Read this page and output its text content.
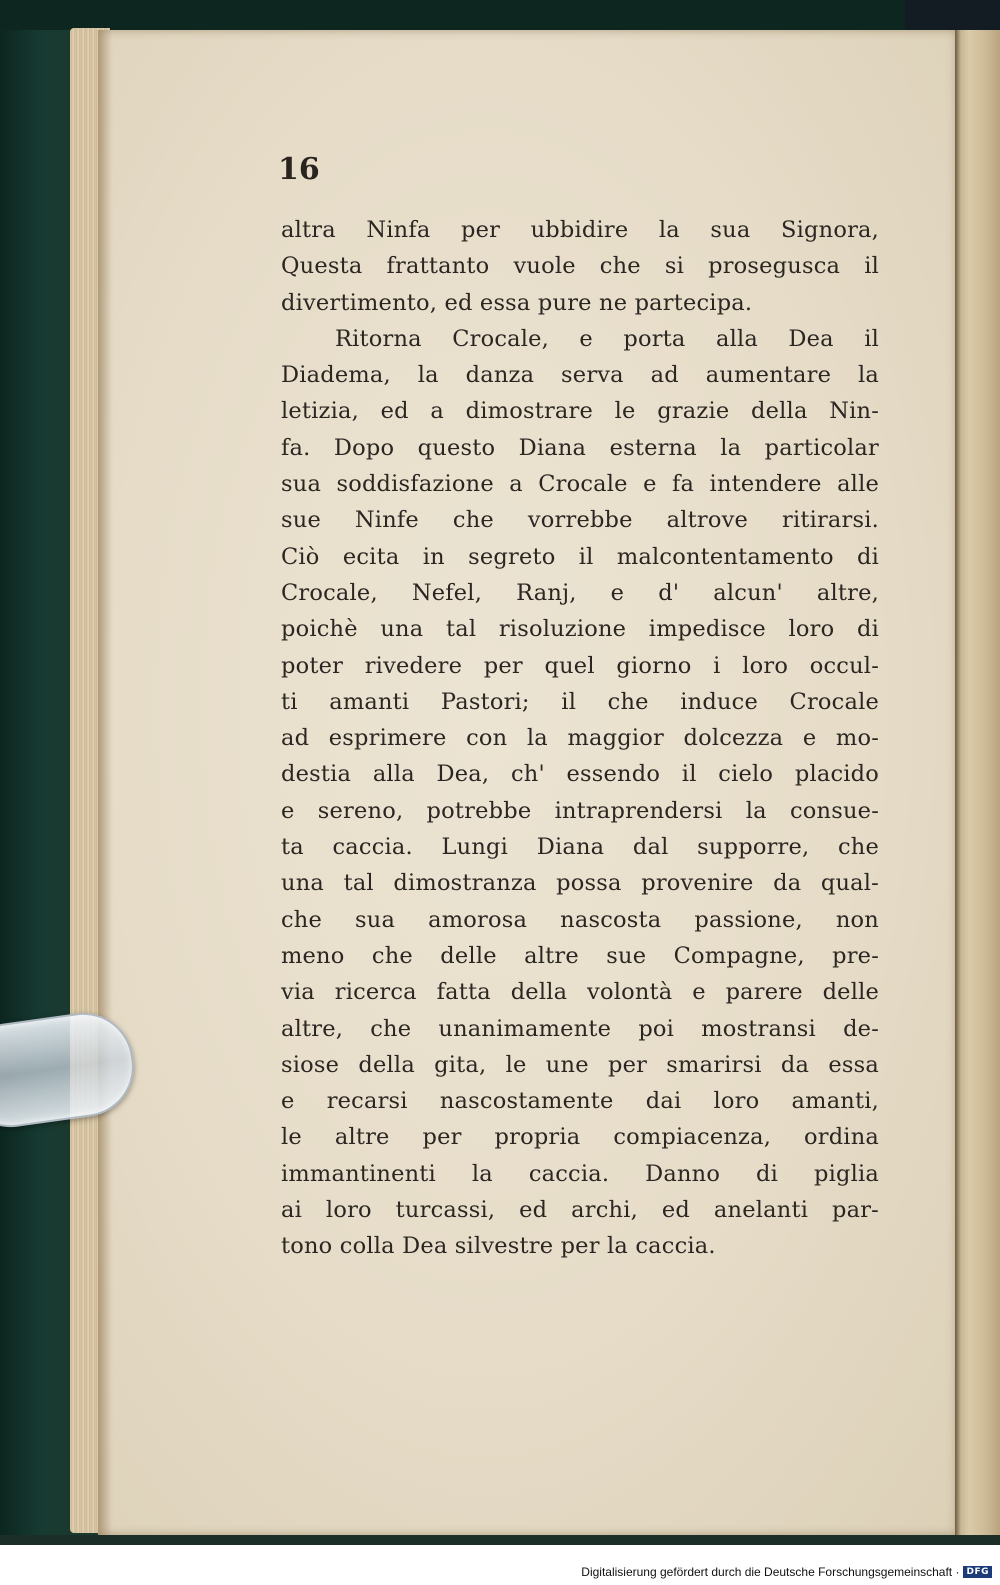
16

altra Ninfa per ubbidire la sua Signora,
Questa frattanto vuole che si prosegusca il
divertimento, ed essa pure ne partecipa.
Ritorna Crocale, e porta alla Dea il
Diadema, la danza serva ad aumentare la
letizia, ed a dimostrare le grazie della Nin-
fa. Dopo questo Diana esterna la particolar
sua soddisfazione a Crocale e fa intendere alle
sue Ninfe che vorrebbe altrove ritirarsi.
Ciò ecita in segreto il malcontentamento di
Crocale, Nefel, Ranj, e d' alcun' altre,
poichè una tal risoluzione impedisce loro di
poter rivedere per quel giorno i loro occul-
ti amanti Pastori; il che induce Crocale
ad esprimere con la maggior dolcezza e mo-
destia alla Dea, ch' essendo il cielo placido
e sereno, potrebbe intraprendersi la consue-
ta caccia. Lungi Diana dal supporre, che
una tal dimostranza possa provenire da qual-
che sua amorosa nascosta passione, non
meno che delle altre sue Compagne, pre-
via ricerca fatta della volontà e parere delle
altre, che unanimamente poi mostransi de-
siose della gita, le une per smarirsi da essa
e recarsi nascostamente dai loro amanti,
le altre per propria compiacenza, ordina
immantinenti la caccia. Danno di piglia
ai loro turcassi, ed archi, ed anelanti par-
tono colla Dea silvestre per la caccia.
Digitalisierung gefördert durch die Deutsche Forschungsgemeinschaft · DFG
